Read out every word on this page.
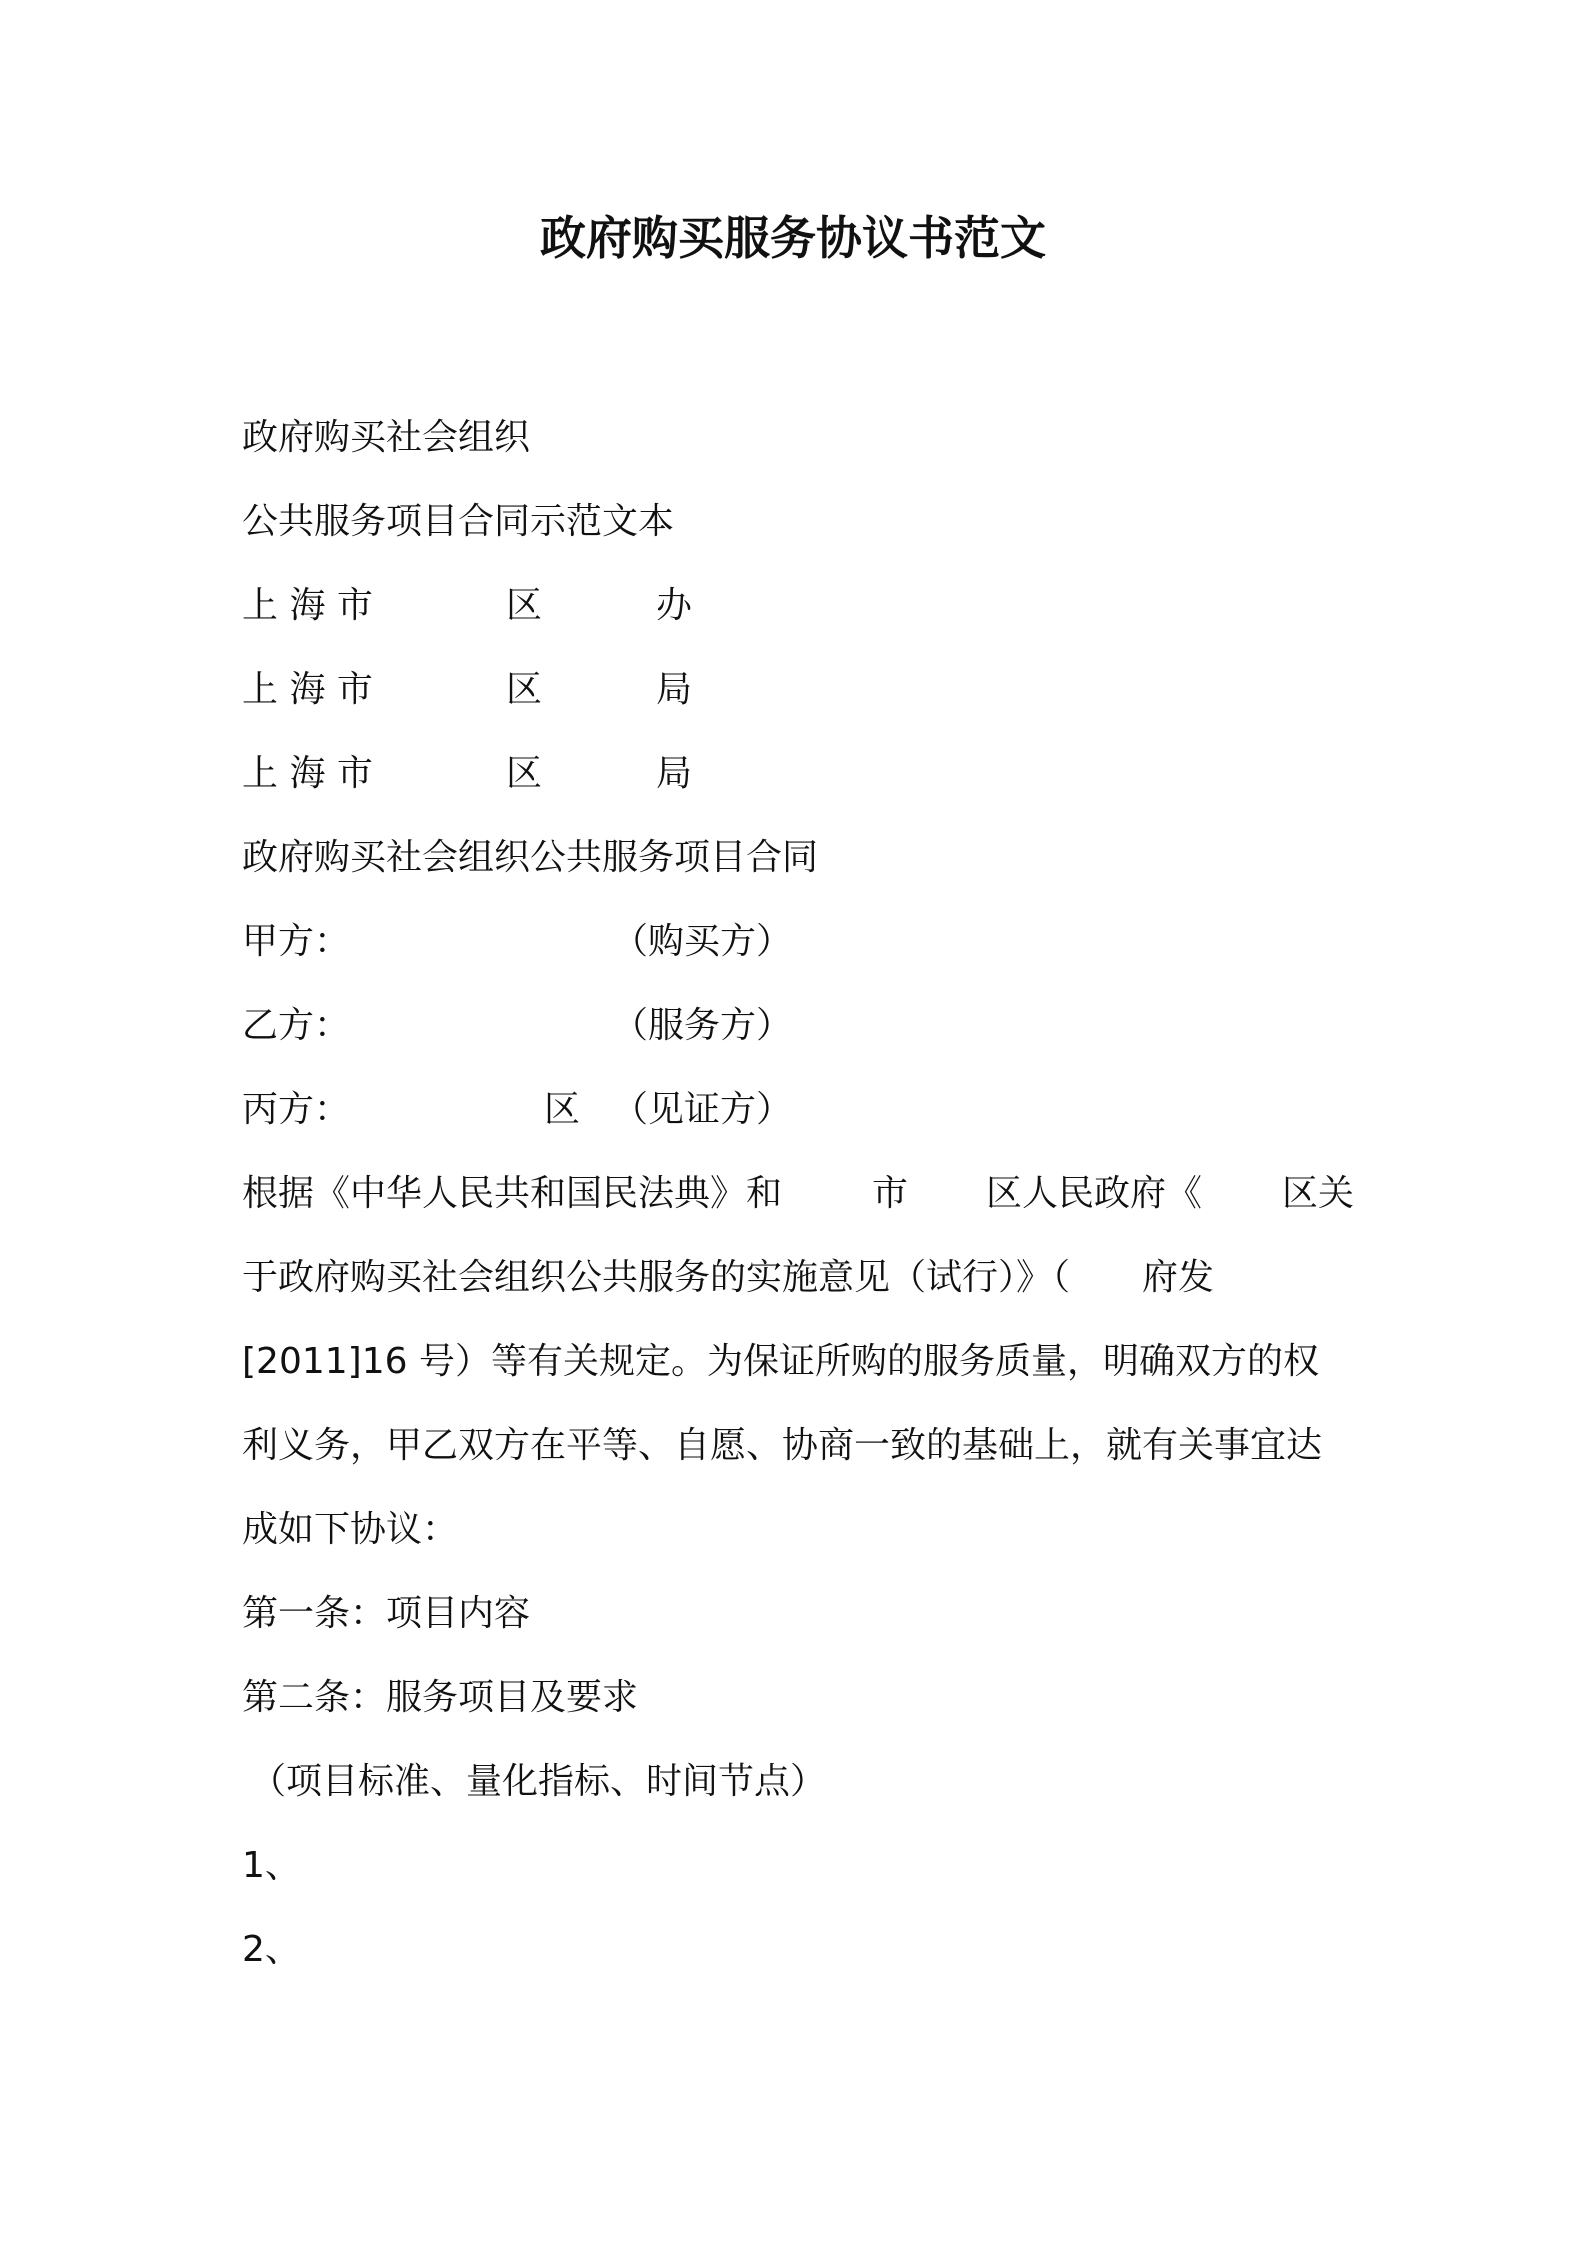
政府购买服务协议书范文
政府购买社会组织
公共服务项目合同示范文本
上 海 市	区	办
上 海 市	区	局
上 海 市	区	局
政府购买社会组织公共服务项目合同
甲方：	（购买方）
乙方：	（服务方）
丙方：	区 （见证方）
根据《中华人民共和国民法典》和 市 区人民政府《 区关
于政府购买社会组织公共服务的实施意见（试行）》（ 府发
[2011]16 号）等有关规定。为保证所购的服务质量，明确双方的权
利义务，甲乙双方在平等、自愿、协商一致的基础上，就有关事宜达
成如下协议：
第一条：项目内容
第二条：服务项目及要求
（项目标准、量化指标、时间节点）
1、
2、
